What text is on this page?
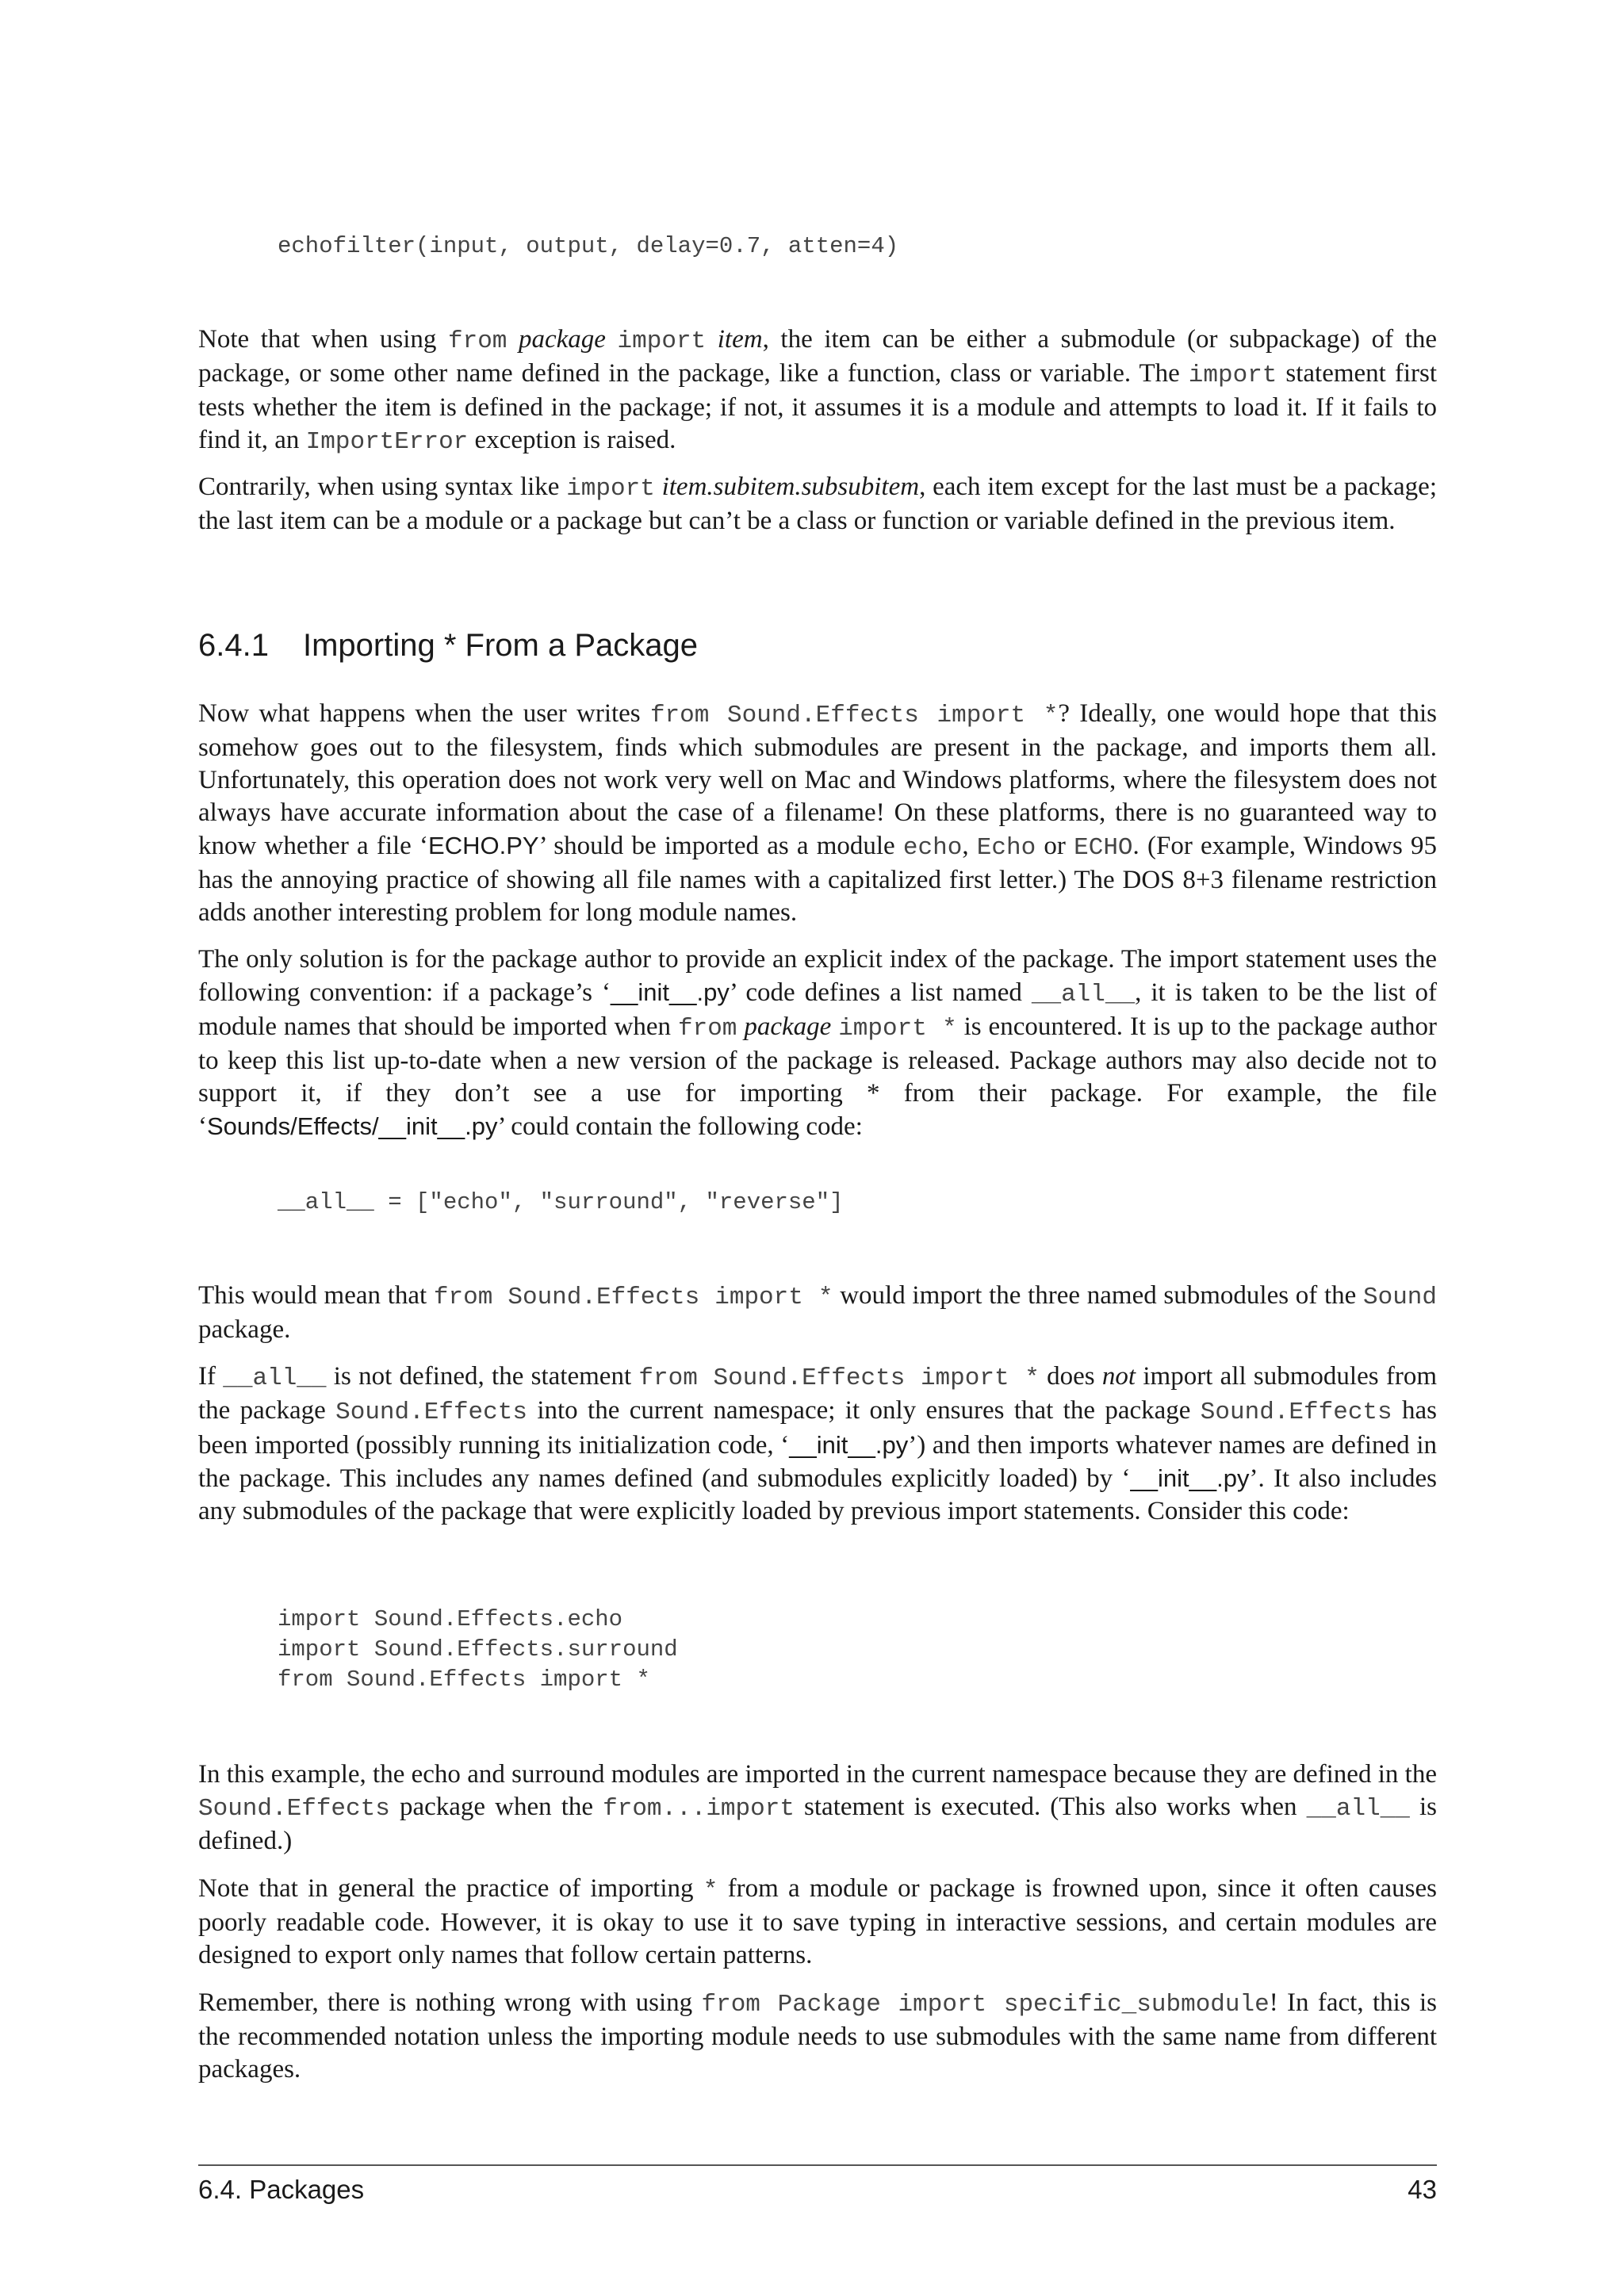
echofilter(input, output, delay=0.7, atten=4)

Note that when using from package import item, the item can be either a submodule (or subpackage) of the package, or some other name defined in the package, like a function, class or variable. The import statement first tests whether the item is defined in the package; if not, it assumes it is a module and attempts to load it. If it fails to find it, an ImportError exception is raised.

Contrarily, when using syntax like import item.subitem.subsubitem, each item except for the last must be a package; the last item can be a module or a package but can’t be a class or function or variable defined in the previous item.

6.4.1 Importing * From a Package

Now what happens when the user writes from Sound.Effects import *? Ideally, one would hope that this somehow goes out to the filesystem, finds which submodules are present in the package, and imports them all. Unfortunately, this operation does not work very well on Mac and Windows platforms, where the filesystem does not always have accurate information about the case of a filename! On these platforms, there is no guaranteed way to know whether a file ‘ECHO.PY’ should be imported as a module echo, Echo or ECHO. (For example, Windows 95 has the annoying practice of showing all file names with a capitalized first letter.) The DOS 8+3 filename restriction adds another interesting problem for long module names.

The only solution is for the package author to provide an explicit index of the package. The import statement uses the following convention: if a package’s ‘__init__.py’ code defines a list named __all__, it is taken to be the list of module names that should be imported when from package import * is encountered. It is up to the package author to keep this list up-to-date when a new version of the package is released. Package authors may also decide not to support it, if they don’t see a use for importing * from their package. For example, the file ‘Sounds/Effects/__init__.py’ could contain the following code:

__all__ = ["echo", "surround", "reverse"]

This would mean that from Sound.Effects import * would import the three named submodules of the Sound package.

If __all__ is not defined, the statement from Sound.Effects import * does not import all submodules from the package Sound.Effects into the current namespace; it only ensures that the package Sound.Effects has been imported (possibly running its initialization code, ‘__init__.py’) and then imports whatever names are defined in the package. This includes any names defined (and submodules explicitly loaded) by ‘__init__.py’. It also includes any submodules of the package that were explicitly loaded by previous import statements. Consider this code:

import Sound.Effects.echo
import Sound.Effects.surround
from Sound.Effects import *

In this example, the echo and surround modules are imported in the current namespace because they are defined in the Sound.Effects package when the from...import statement is executed. (This also works when __all__ is defined.)

Note that in general the practice of importing * from a module or package is frowned upon, since it often causes poorly readable code. However, it is okay to use it to save typing in interactive sessions, and certain modules are designed to export only names that follow certain patterns.

Remember, there is nothing wrong with using from Package import specific_submodule! In fact, this is the recommended notation unless the importing module needs to use submodules with the same name from different packages.

6.4. Packages	43
